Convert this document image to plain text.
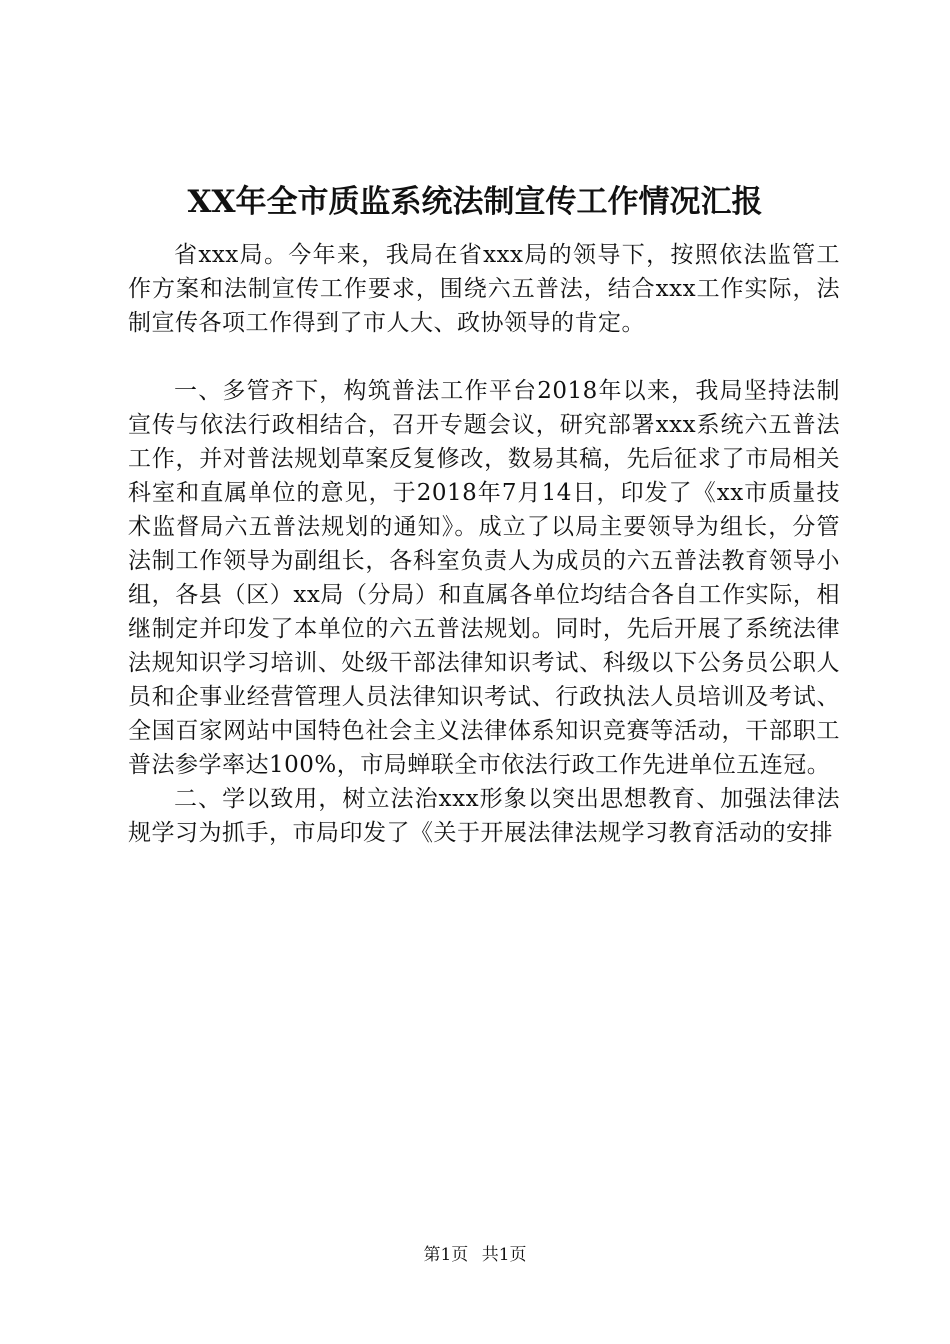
XX年全市质监系统法制宣传工作情况汇报

省xxx局。今年来，我局在省xxx局的领导下，按照依法监管工作方案和法制宣传工作要求，围绕六五普法，结合xxx工作实际，法制宣传各项工作得到了市人大、政协领导的肯定。

一、多管齐下，构筑普法工作平台2018年以来，我局坚持法制宣传与依法行政相结合，召开专题会议，研究部署xxx系统六五普法工作，并对普法规划草案反复修改，数易其稿，先后征求了市局相关科室和直属单位的意见，于2018年7月14日，印发了《xx市质量技术监督局六五普法规划的通知》。成立了以局主要领导为组长，分管法制工作领导为副组长，各科室负责人为成员的六五普法教育领导小组，各县（区）xx局（分局）和直属各单位均结合各自工作实际，相继制定并印发了本单位的六五普法规划。同时，先后开展了系统法律法规知识学习培训、处级干部法律知识考试、科级以下公务员公职人员和企事业经营管理人员法律知识考试、行政执法人员培训及考试、全国百家网站中国特色社会主义法律体系知识竞赛等活动，干部职工普法参学率达100%，市局蝉联全市依法行政工作先进单位五连冠。

二、学以致用，树立法治xxx形象以突出思想教育、加强法律法规学习为抓手，市局印发了《关于开展法律法规学习教育活动的安排

第1页 共1页
